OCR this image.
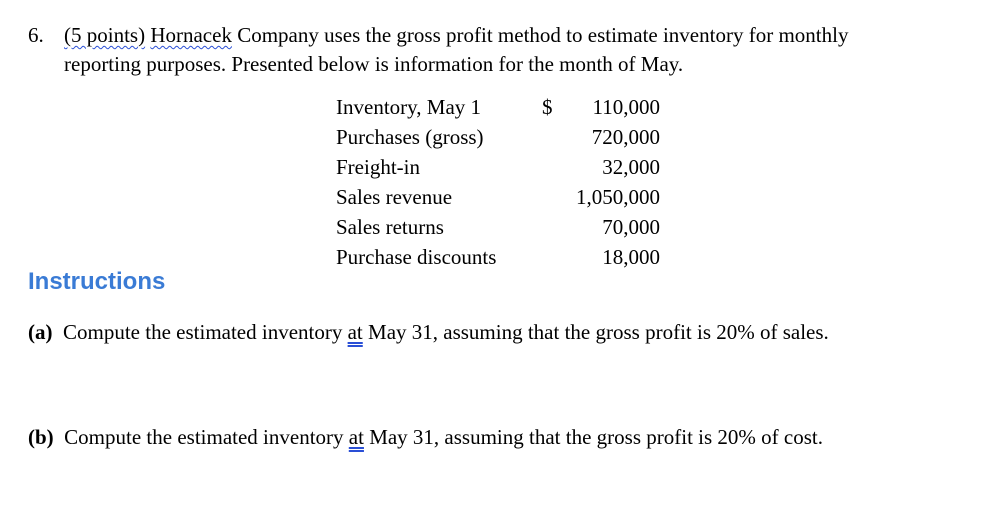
6. (5 points) Hornacek Company uses the gross profit method to estimate inventory for monthly
reporting purposes. Presented below is information for the month of May.
Inventory, May 1	$	110,000
Purchases (gross)		720,000
Freight-in		32,000
Sales revenue		1,050,000
Sales returns		70,000
Purchase discounts		18,000
Instructions
(a)  Compute the estimated inventory at May 31, assuming that the gross profit is 20% of sales.
(b)  Compute the estimated inventory at May 31, assuming that the gross profit is 20% of cost.
